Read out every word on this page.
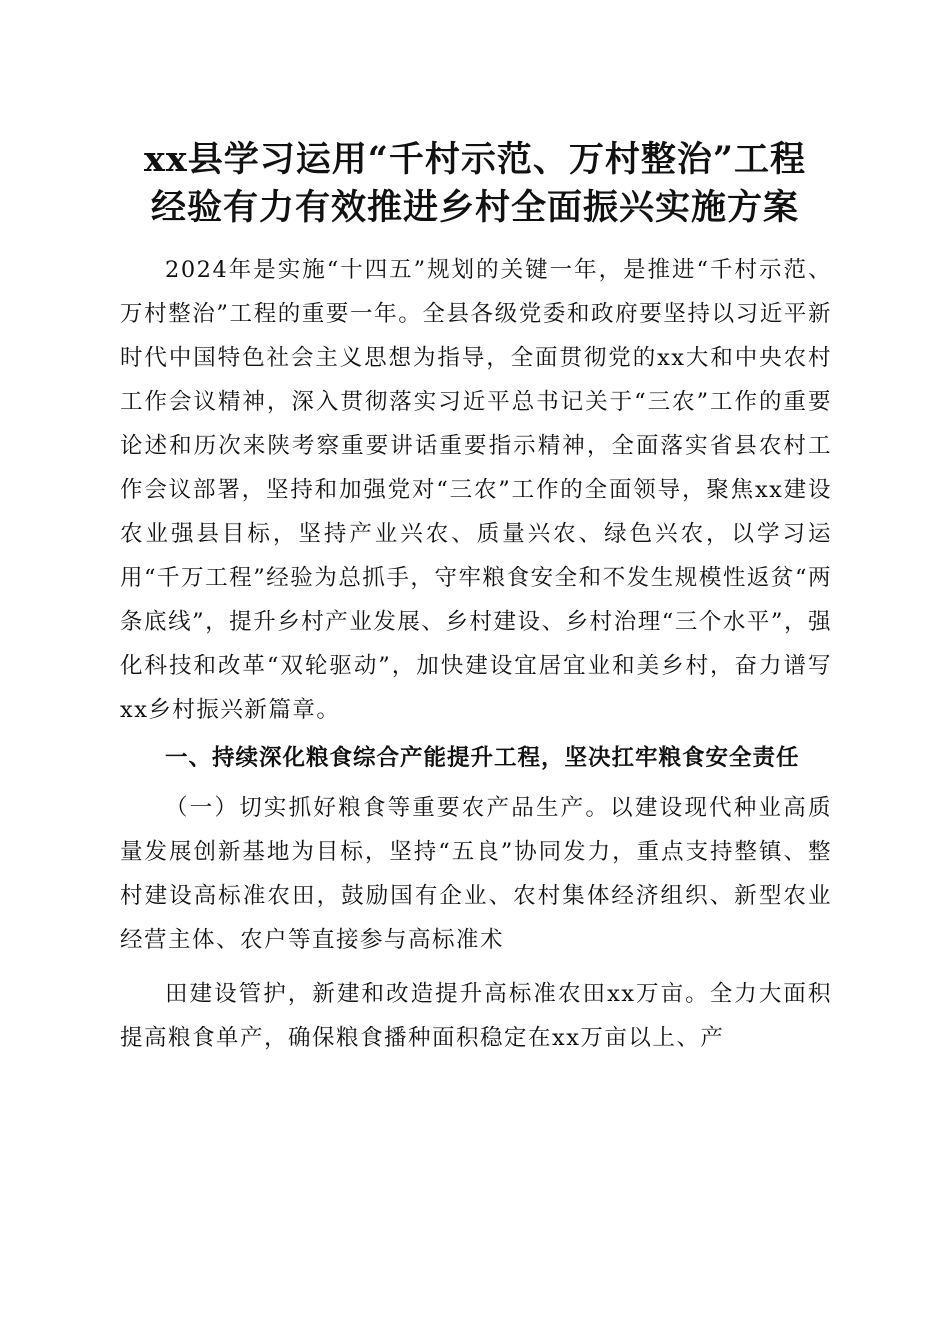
xx县学习运用“千村示范、万村整治”工程
经验有力有效推进乡村全面振兴实施方案

2024年是实施“十四五”规划的关键一年，是推进“千村示范、万村整治”工程的重要一年。全县各级党委和政府要坚持以习近平新时代中国特色社会主义思想为指导，全面贯彻党的xx大和中央农村工作会议精神，深入贯彻落实习近平总书记关于“三农”工作的重要论述和历次来陕考察重要讲话重要指示精神，全面落实省县农村工作会议部署，坚持和加强党对“三农”工作的全面领导，聚焦xx建设农业强县目标，坚持产业兴农、质量兴农、绿色兴农，以学习运用“千万工程”经验为总抓手，守牢粮食安全和不发生规模性返贫“两条底线”，提升乡村产业发展、乡村建设、乡村治理“三个水平”，强化科技和改革“双轮驱动”，加快建设宜居宜业和美乡村，奋力谱写xx乡村振兴新篇章。

一、持续深化粮食综合产能提升工程，坚决扛牢粮食安全责任

（一）切实抓好粮食等重要农产品生产。以建设现代种业高质量发展创新基地为目标，坚持“五良”协同发力，重点支持整镇、整村建设高标准农田，鼓励国有企业、农村集体经济组织、新型农业经营主体、农户等直接参与高标准术

田建设管护，新建和改造提升高标准农田xx万亩。全力大面积提高粮食单产，确保粮食播种面积稳定在xx万亩以上、产
